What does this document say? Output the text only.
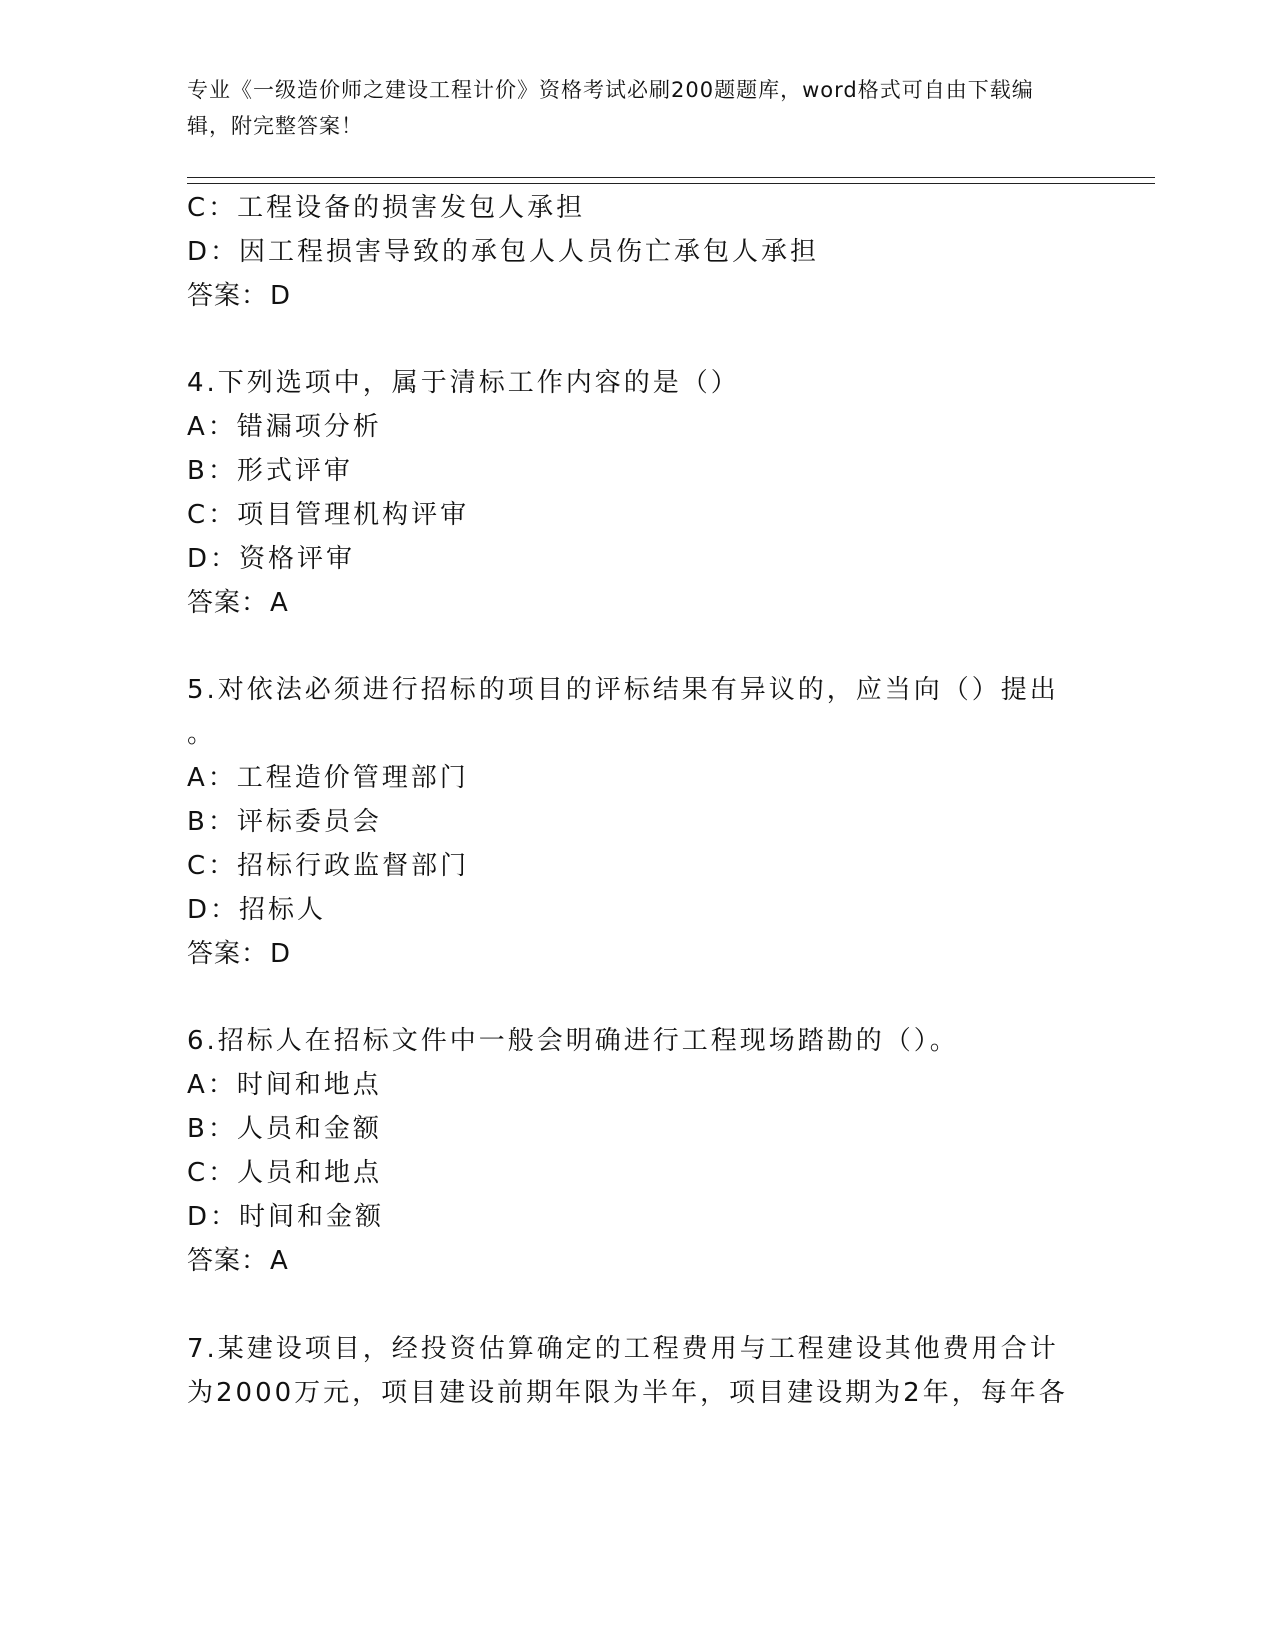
专业《一级造价师之建设工程计价》资格考试必刷200题题库，word格式可自由下载编辑，附完整答案！
C：工程设备的损害发包人承担
D：因工程损害导致的承包人人员伤亡承包人承担
答案：D
4.下列选项中，属于清标工作内容的是（）
A：错漏项分析
B：形式评审
C：项目管理机构评审
D：资格评审
答案：A
5.对依法必须进行招标的项目的评标结果有异议的，应当向（）提出
。
A：工程造价管理部门
B：评标委员会
C：招标行政监督部门
D：招标人
答案：D
6.招标人在招标文件中一般会明确进行工程现场踏勘的（）。
A：时间和地点
B：人员和金额
C：人员和地点
D：时间和金额
答案：A
7.某建设项目，经投资估算确定的工程费用与工程建设其他费用合计
为2000万元，项目建设前期年限为半年，项目建设期为2年，每年各
